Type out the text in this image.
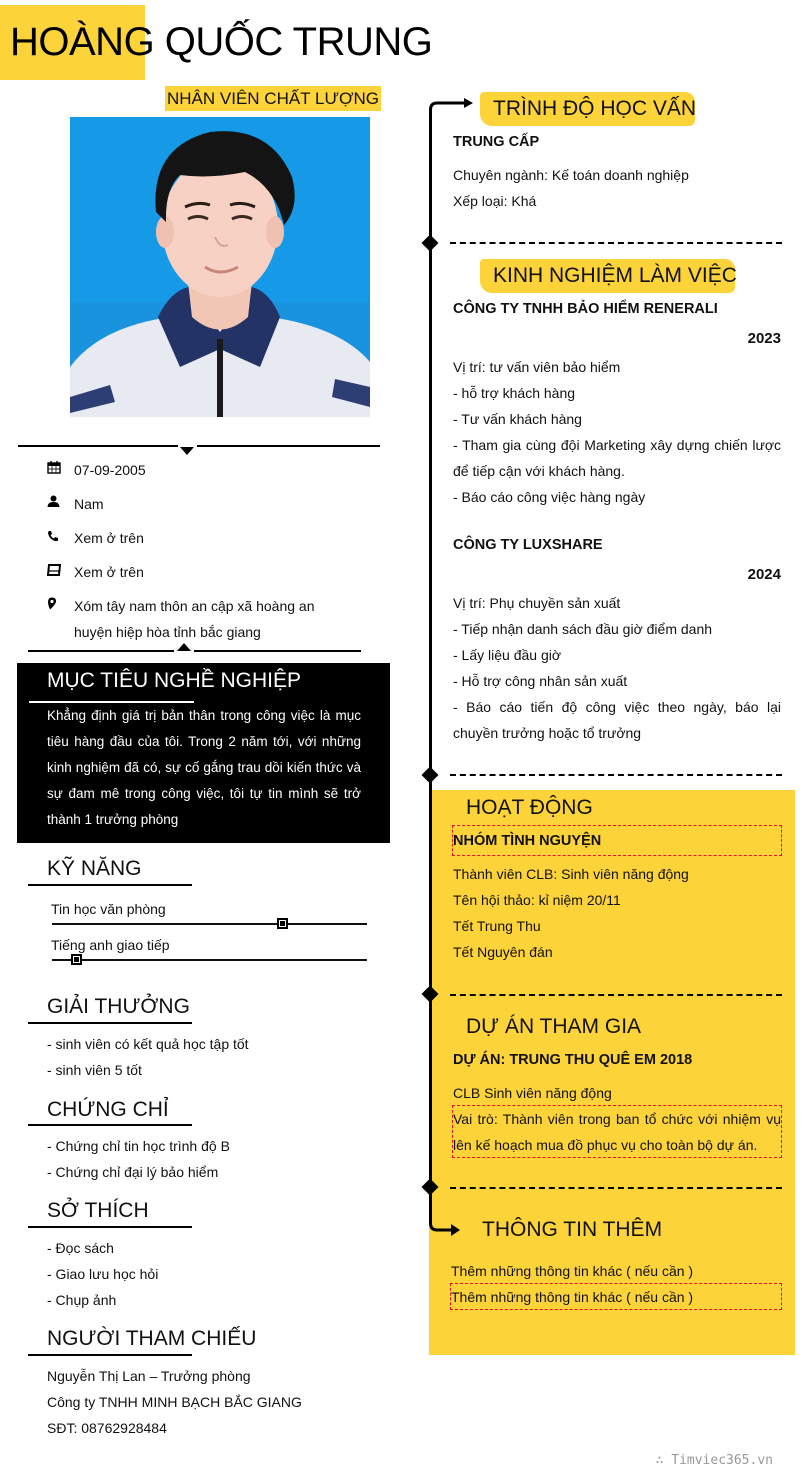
HOÀNG QUỐC TRUNG
NHÂN VIÊN CHẤT LƯỢNG
07-09-2005
Nam
Xem ở trên
Xem ở trên
Xóm tây nam thôn an cập xã hoàng an huyện hiệp hòa tỉnh bắc giang
MỤC TIÊU NGHỀ NGHIỆP
Khẳng định giá trị bản thân trong công việc là mục tiêu hàng đầu của tôi. Trong 2 năm tới, với những kinh nghiệm đã có, sự cố gắng trau dồi kiến thức và sự đam mê trong công việc, tôi tự tin mình sẽ trở thành 1 trưởng phòng
KỸ NĂNG
Tin học văn phòng
Tiếng anh giao tiếp
GIẢI THƯỞNG
- sinh viên có kết quả học tập tốt
- sinh viên 5 tốt
CHỨNG CHỈ
- Chứng chỉ tin học trình độ B
- Chứng chỉ đại lý bảo hiểm
SỞ THÍCH
- Đọc sách
- Giao lưu học hỏi
- Chụp ảnh
NGƯỜI THAM CHIẾU
Nguyễn Thị Lan – Trưởng phòng
Công ty TNHH MINH BẠCH BẮC GIANG
SĐT: 08762928484
TRÌNH ĐỘ HỌC VẤN
TRUNG CẤP
Chuyên ngành: Kế toán doanh nghiệp
Xếp loại: Khá
KINH NGHIỆM LÀM VIỆC
CÔNG TY TNHH BẢO HIỂM RENERALI
2023
Vị trí: tư vấn viên bảo hiểm
- hỗ trợ khách hàng
- Tư vấn khách hàng
- Tham gia cùng đội Marketing xây dựng chiến lược để tiếp cận với khách hàng.
- Báo cáo công việc hàng ngày
CÔNG TY LUXSHARE
2024
Vị trí: Phụ chuyền sản xuất
- Tiếp nhận danh sách đầu giờ điểm danh
- Lấy liệu đầu giờ
- Hỗ trợ công nhân sản xuất
- Báo cáo tiến độ công việc theo ngày, báo lại chuyền trưởng hoặc tổ trưởng
HOẠT ĐỘNG
NHÓM TÌNH NGUYỆN
Thành viên CLB: Sinh viên năng động
Tên hội thảo: kỉ niệm 20/11
Tết Trung Thu
Tết Nguyên đán
DỰ ÁN THAM GIA
DỰ ÁN: TRUNG THU QUÊ EM 2018
CLB Sinh viên năng động
Vai trò: Thành viên trong ban tổ chức với nhiệm vụ lên kế hoạch mua đồ phục vụ cho toàn bộ dự án.
THÔNG TIN THÊM
Thêm những thông tin khác ( nếu cần )
Thêm những thông tin khác ( nếu cần )
∴ Timviec365.vn
